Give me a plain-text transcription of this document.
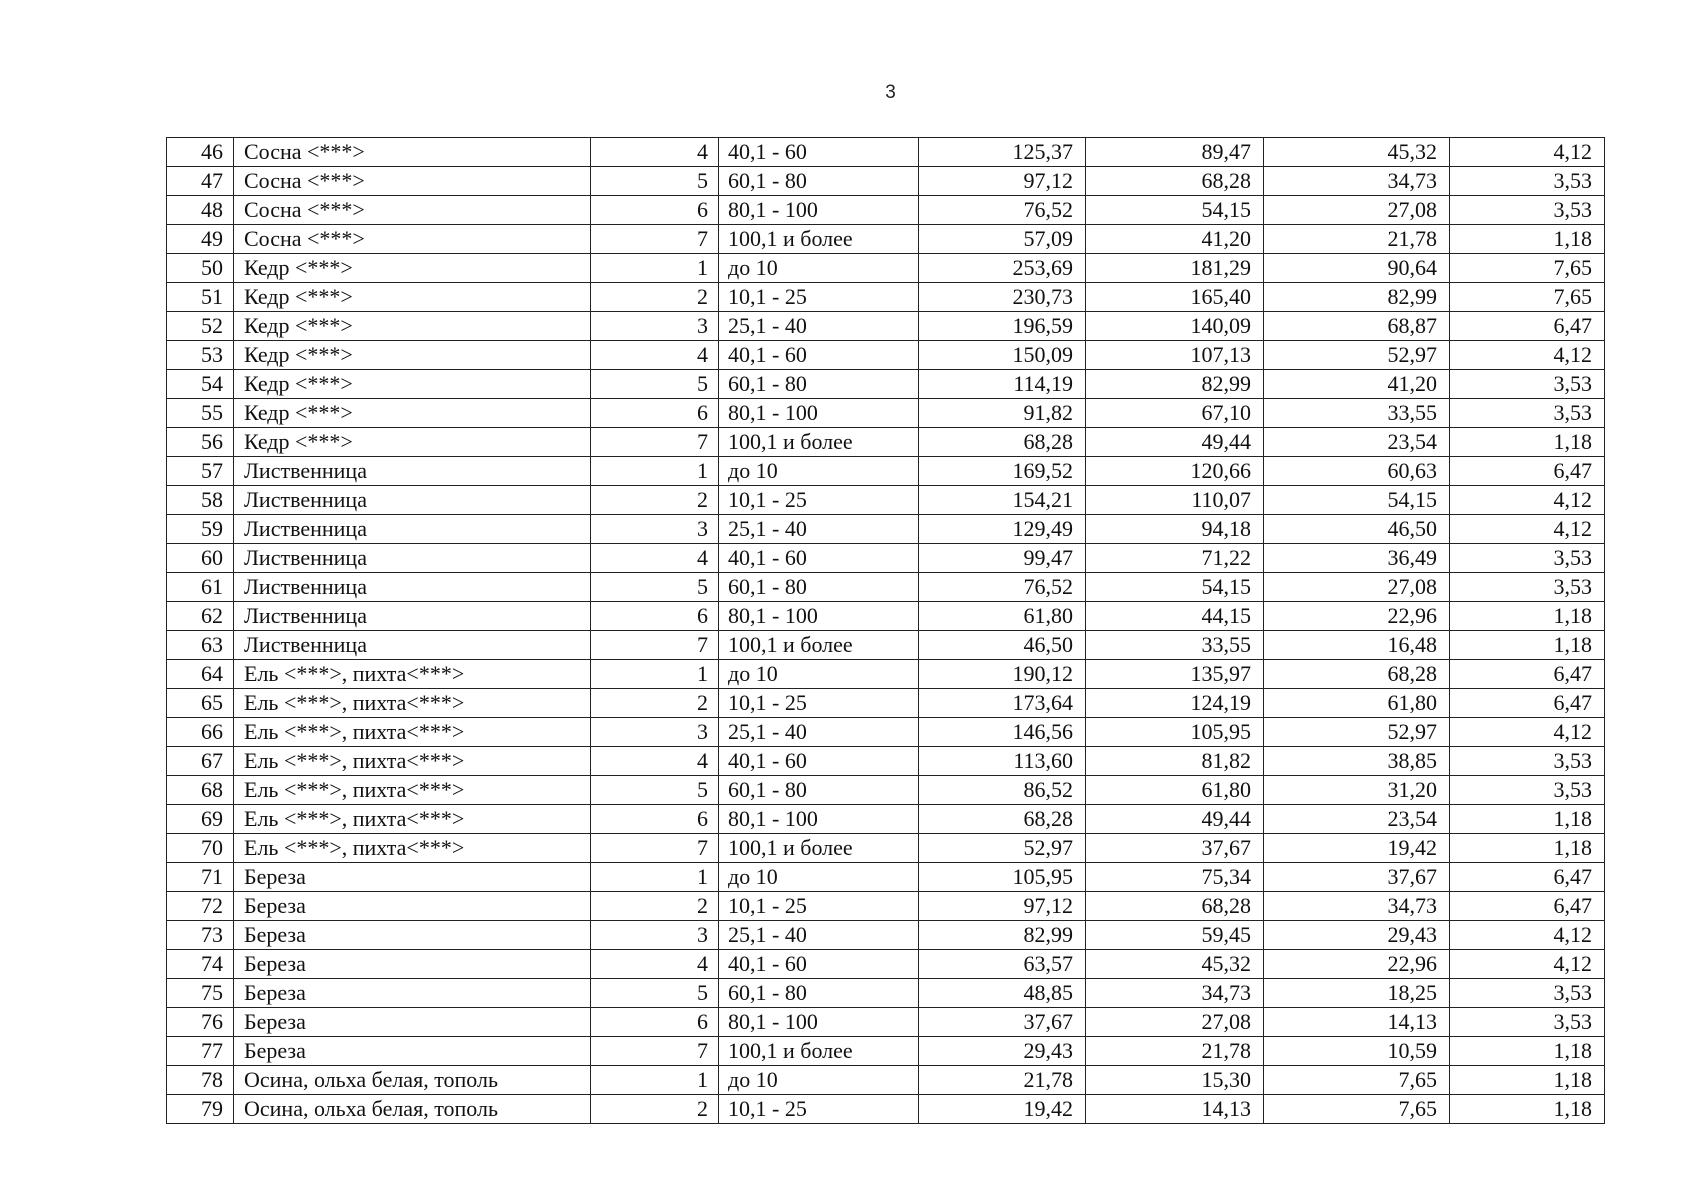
3
46	Сосна <***>	4	40,1 - 60	125,37	89,47	45,32	4,12
47	Сосна <***>	5	60,1 - 80	97,12	68,28	34,73	3,53
48	Сосна <***>	6	80,1 - 100	76,52	54,15	27,08	3,53
49	Сосна <***>	7	100,1 и более	57,09	41,20	21,78	1,18
50	Кедр <***>	1	до 10	253,69	181,29	90,64	7,65
51	Кедр <***>	2	10,1 - 25	230,73	165,40	82,99	7,65
52	Кедр <***>	3	25,1 - 40	196,59	140,09	68,87	6,47
53	Кедр <***>	4	40,1 - 60	150,09	107,13	52,97	4,12
54	Кедр <***>	5	60,1 - 80	114,19	82,99	41,20	3,53
55	Кедр <***>	6	80,1 - 100	91,82	67,10	33,55	3,53
56	Кедр <***>	7	100,1 и более	68,28	49,44	23,54	1,18
57	Лиственница	1	до 10	169,52	120,66	60,63	6,47
58	Лиственница	2	10,1 - 25	154,21	110,07	54,15	4,12
59	Лиственница	3	25,1 - 40	129,49	94,18	46,50	4,12
60	Лиственница	4	40,1 - 60	99,47	71,22	36,49	3,53
61	Лиственница	5	60,1 - 80	76,52	54,15	27,08	3,53
62	Лиственница	6	80,1 - 100	61,80	44,15	22,96	1,18
63	Лиственница	7	100,1 и более	46,50	33,55	16,48	1,18
64	Ель <***>, пихта<***>	1	до 10	190,12	135,97	68,28	6,47
65	Ель <***>, пихта<***>	2	10,1 - 25	173,64	124,19	61,80	6,47
66	Ель <***>, пихта<***>	3	25,1 - 40	146,56	105,95	52,97	4,12
67	Ель <***>, пихта<***>	4	40,1 - 60	113,60	81,82	38,85	3,53
68	Ель <***>, пихта<***>	5	60,1 - 80	86,52	61,80	31,20	3,53
69	Ель <***>, пихта<***>	6	80,1 - 100	68,28	49,44	23,54	1,18
70	Ель <***>, пихта<***>	7	100,1 и более	52,97	37,67	19,42	1,18
71	Береза	1	до 10	105,95	75,34	37,67	6,47
72	Береза	2	10,1 - 25	97,12	68,28	34,73	6,47
73	Береза	3	25,1 - 40	82,99	59,45	29,43	4,12
74	Береза	4	40,1 - 60	63,57	45,32	22,96	4,12
75	Береза	5	60,1 - 80	48,85	34,73	18,25	3,53
76	Береза	6	80,1 - 100	37,67	27,08	14,13	3,53
77	Береза	7	100,1 и более	29,43	21,78	10,59	1,18
78	Осина, ольха белая, тополь	1	до 10	21,78	15,30	7,65	1,18
79	Осина, ольха белая, тополь	2	10,1 - 25	19,42	14,13	7,65	1,18
